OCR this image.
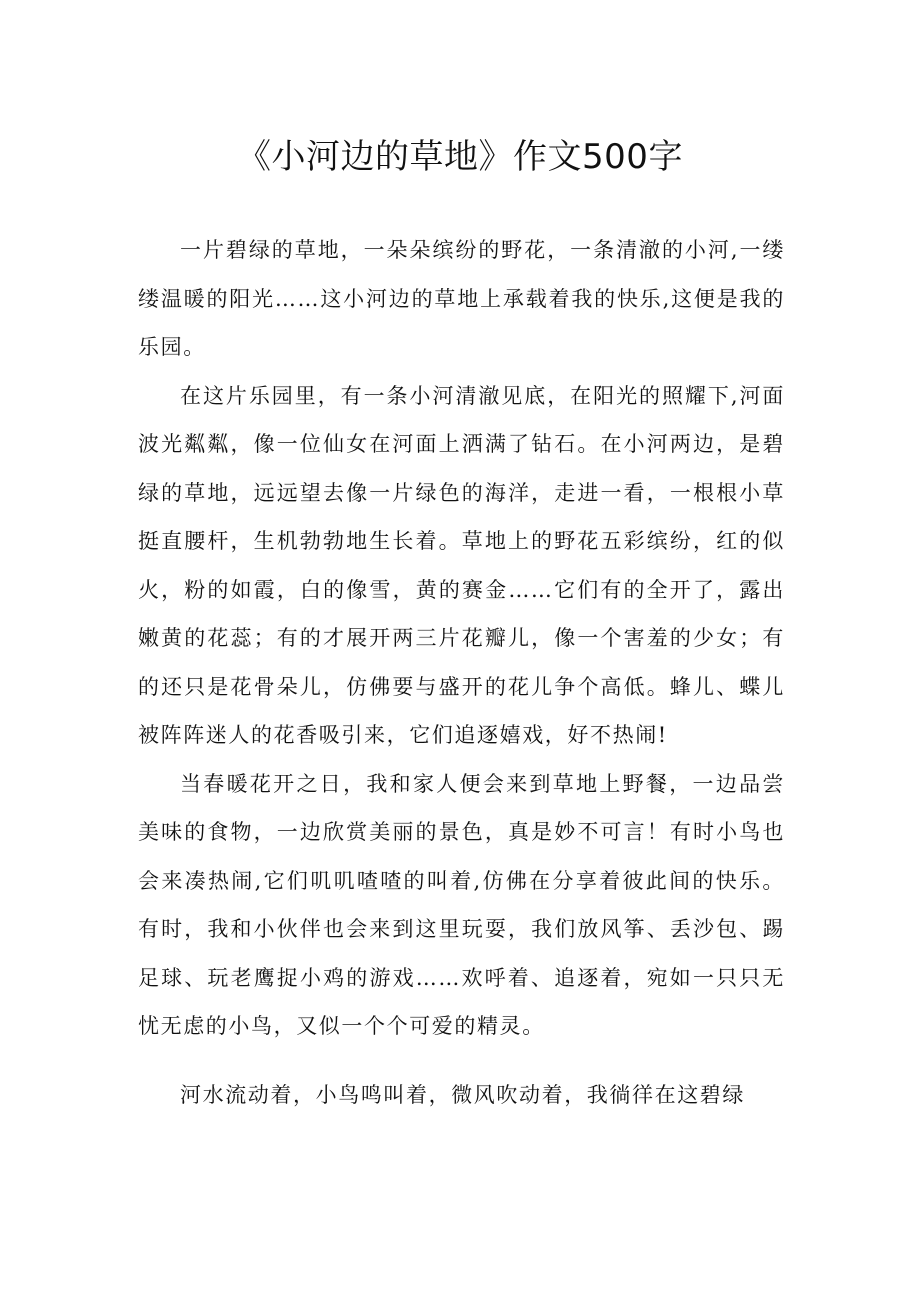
《小河边的草地》作文500字

一片碧绿的草地，一朵朵缤纷的野花，一条清澈的小河,一缕缕温暖的阳光……这小河边的草地上承载着我的快乐,这便是我的乐园。

在这片乐园里，有一条小河清澈见底，在阳光的照耀下,河面波光粼粼，像一位仙女在河面上洒满了钻石。在小河两边，是碧绿的草地，远远望去像一片绿色的海洋，走进一看，一根根小草挺直腰杆，生机勃勃地生长着。草地上的野花五彩缤纷，红的似火，粉的如霞，白的像雪，黄的赛金……它们有的全开了，露出嫩黄的花蕊；有的才展开两三片花瓣儿，像一个害羞的少女；有的还只是花骨朵儿，仿佛要与盛开的花儿争个高低。蜂儿、蝶儿被阵阵迷人的花香吸引来，它们追逐嬉戏，好不热闹!

当春暖花开之日，我和家人便会来到草地上野餐，一边品尝美味的食物，一边欣赏美丽的景色，真是妙不可言！有时小鸟也会来凑热闹,它们叽叽喳喳的叫着,仿佛在分享着彼此间的快乐。有时，我和小伙伴也会来到这里玩耍，我们放风筝、丢沙包、踢足球、玩老鹰捉小鸡的游戏……欢呼着、追逐着，宛如一只只无忧无虑的小鸟，又似一个个可爱的精灵。

河水流动着，小鸟鸣叫着，微风吹动着，我徜徉在这碧绿
